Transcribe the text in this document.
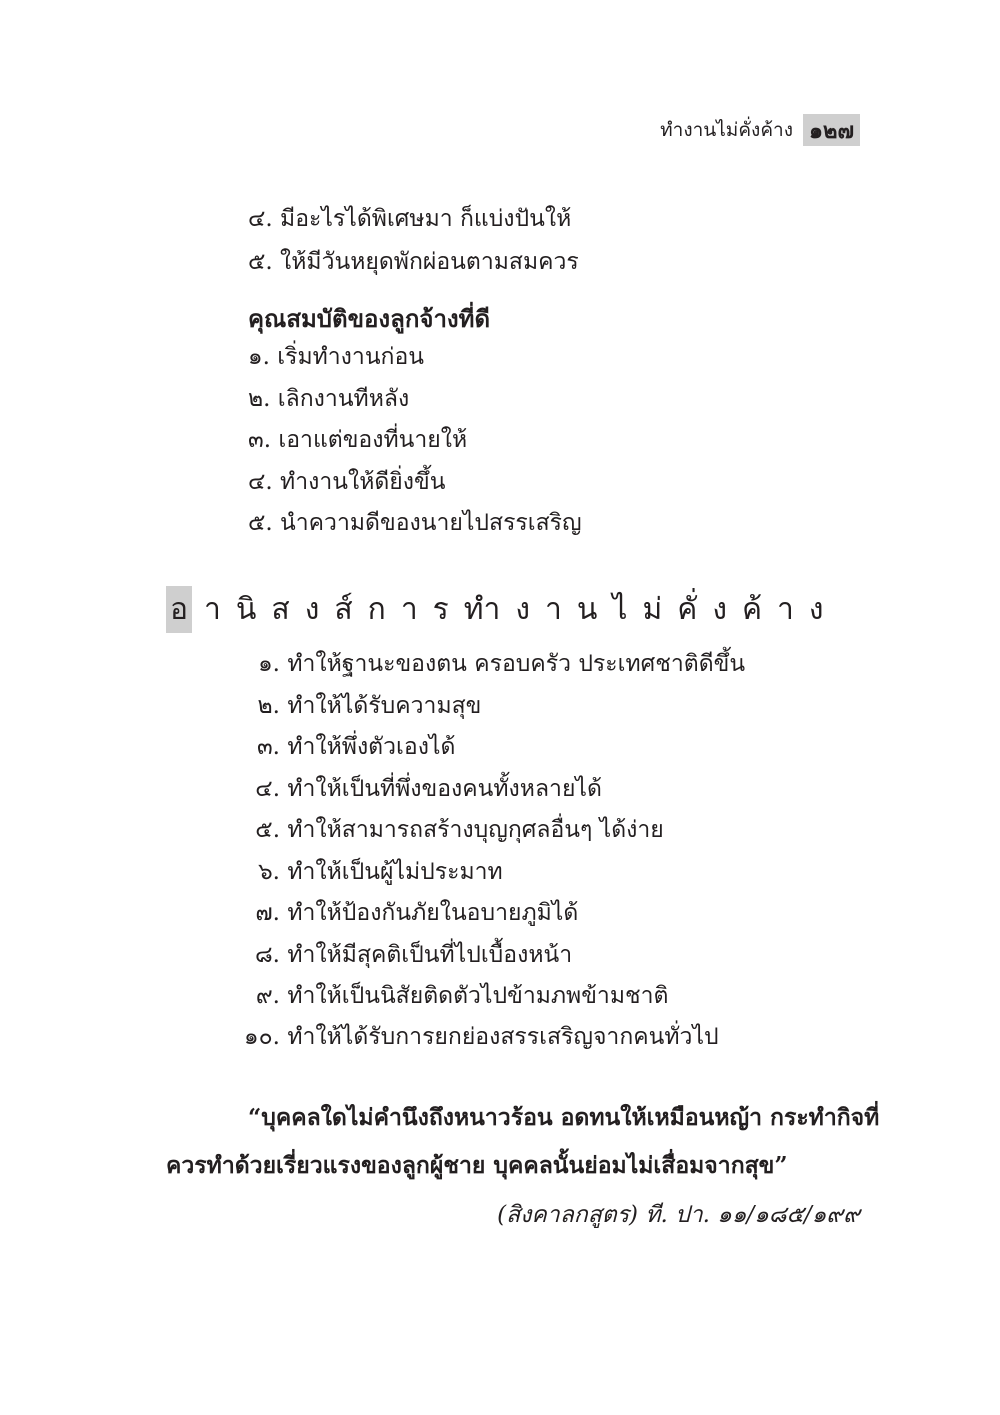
ทำงานไม่คั่งค้าง ๑๒๗
๔. มีอะไรได้พิเศษมา ก็แบ่งปันให้
๕. ให้มีวันหยุดพักผ่อนตามสมควร
คุณสมบัติของลูกจ้างที่ดี
๑. เริ่มทำงานก่อน
๒. เลิกงานทีหลัง
๓. เอาแต่ของที่นายให้
๔. ทำงานให้ดียิ่งขึ้น
๕. นำความดีของนายไปสรรเสริญ
อ านิสงส์การทำงานไม่คั่งค้าง
๑. ทำให้ฐานะของตน ครอบครัว ประเทศชาติดีขึ้น
๒. ทำให้ได้รับความสุข
๓. ทำให้พึ่งตัวเองได้
๔. ทำให้เป็นที่พึ่งของคนทั้งหลายได้
๕. ทำให้สามารถสร้างบุญกุศลอื่นๆ ได้ง่าย
๖. ทำให้เป็นผู้ไม่ประมาท
๗. ทำให้ป้องกันภัยในอบายภูมิได้
๘. ทำให้มีสุคติเป็นที่ไปเบื้องหน้า
๙. ทำให้เป็นนิสัยติดตัวไปข้ามภพข้ามชาติ
๑๐. ทำให้ได้รับการยกย่องสรรเสริญจากคนทั่วไป
“บุคคลใดไม่คำนึงถึงหนาวร้อน อดทนให้เหมือนหญ้า กระทำกิจที่
ควรทำด้วยเรี่ยวแรงของลูกผู้ชาย บุคคลนั้นย่อมไม่เสื่อมจากสุข”
(สิงคาลกสูตร) ที. ปา. ๑๑/๑๘๕/๑๙๙
